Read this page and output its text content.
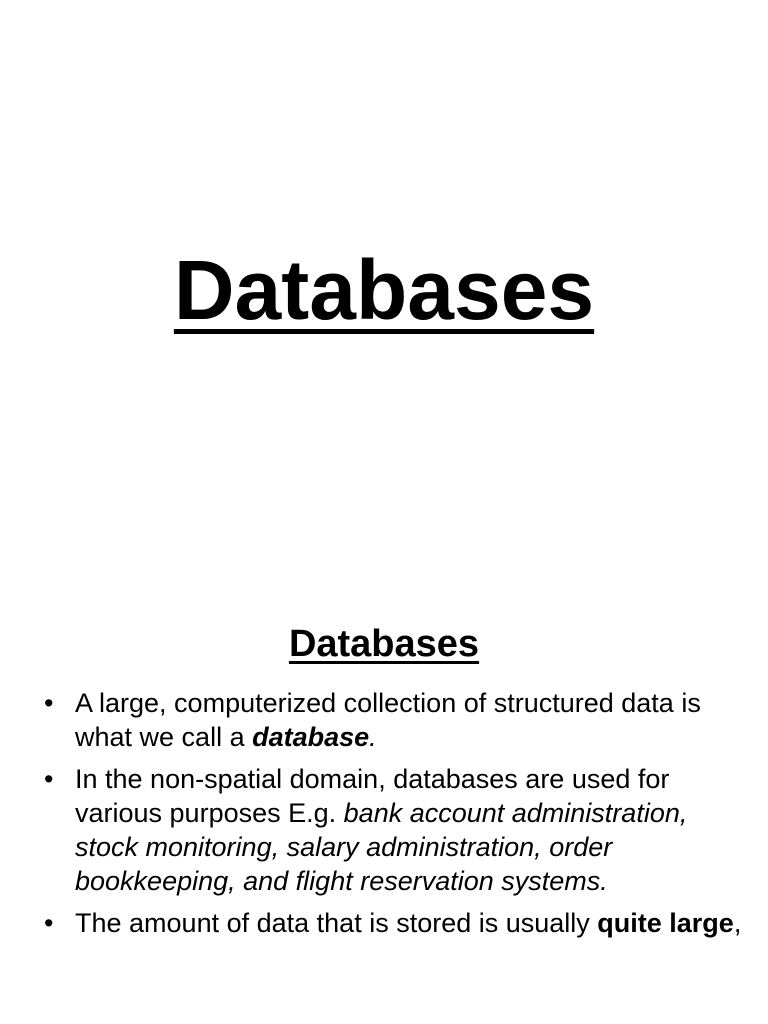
Databases
Databases
• A large, computerized collection of structured data is what we call a database.
• In the non-spatial domain, databases are used for various purposes E.g. bank account administration, stock monitoring, salary administration, order bookkeeping, and flight reservation systems.
• The amount of data that is stored is usually quite large,
